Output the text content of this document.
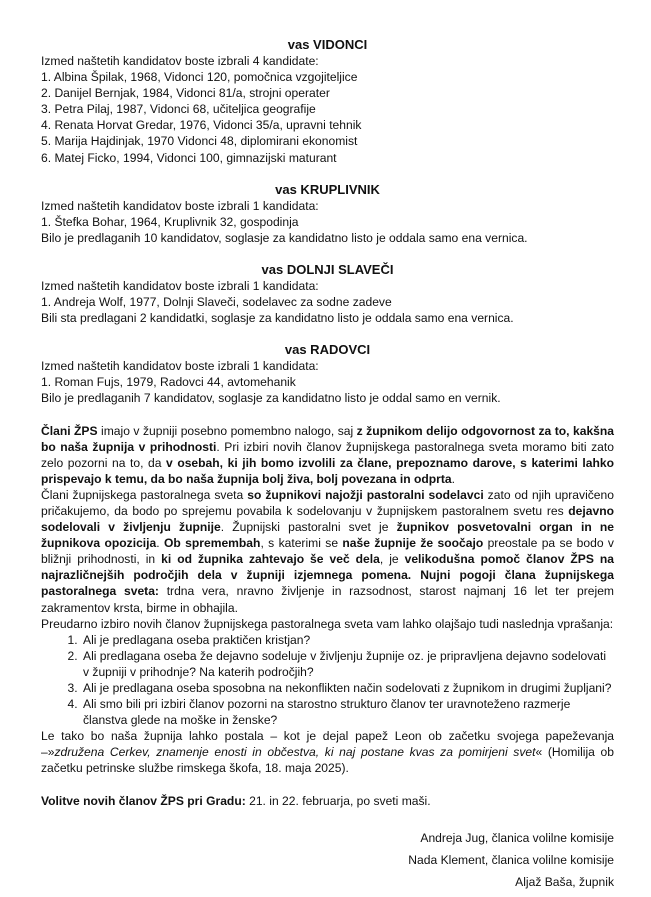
vas VIDONCI
Izmed naštetih kandidatov boste izbrali 4 kandidate:
1. Albina Špilak, 1968, Vidonci 120, pomočnica vzgojiteljice
2. Danijel Bernjak, 1984, Vidonci 81/a, strojni operater
3. Petra Pilaj, 1987, Vidonci 68, učiteljica geografije
4. Renata Horvat Gredar, 1976, Vidonci 35/a, upravni tehnik
5. Marija Hajdinjak, 1970 Vidonci 48, diplomirani ekonomist
6. Matej Ficko, 1994, Vidonci 100, gimnazijski maturant
vas KRUPLIVNIK
Izmed naštetih kandidatov boste izbrali 1 kandidata:
1. Štefka Bohar, 1964, Kruplivnik 32, gospodinja
Bilo je predlaganih 10 kandidatov, soglasje za kandidatno listo je oddala samo ena vernica.
vas DOLNJI SLAVEČI
Izmed naštetih kandidatov boste izbrali 1 kandidata:
1. Andreja Wolf, 1977, Dolnji Slaveči, sodelavec za sodne zadeve
Bili sta predlagani 2 kandidatki, soglasje za kandidatno listo je oddala samo ena vernica.
vas RADOVCI
Izmed naštetih kandidatov boste izbrali 1 kandidata:
1. Roman Fujs, 1979, Radovci 44, avtomehanik
Bilo je predlaganih 7 kandidatov, soglasje za kandidatno listo je oddal samo en vernik.
Člani ŽPS imajo v župniji posebno pomembno nalogo, saj z župnikom delijo odgovornost za to, kakšna bo naša župnija v prihodnosti. Pri izbiri novih članov župnijskega pastoralnega sveta moramo biti zato zelo pozorni na to, da v osebah, ki jih bomo izvolili za člane, prepoznamo darove, s katerimi lahko prispevajo k temu, da bo naša župnija bolj živa, bolj povezana in odprta.
Člani župnijskega pastoralnega sveta so župnikovi najožji pastoralni sodelavci zato od njih upravičeno pričakujemo, da bodo po sprejemu povabila k sodelovanju v župnijskem pastoralnem svetu res dejavno sodelovali v življenju župnije. Župnijski pastoralni svet je župnikov posvetovalni organ in ne župnikova opozicija. Ob spremembah, s katerimi se naše župnije že soočajo preostale pa se bodo v bližnji prihodnosti, in ki od župnika zahtevajo še več dela, je velikodušna pomoč članov ŽPS na najrazličnejših področjih dela v župniji izjemnega pomena. Nujni pogoji člana župnijskega pastoralnega sveta: trdna vera, nravno življenje in razsodnost, starost najmanj 16 let ter prejem zakramentov krsta, birme in obhajila.
Preudarno izbiro novih članov župnijskega pastoralnega sveta vam lahko olajšajo tudi naslednja vprašanja:
1. Ali je predlagana oseba praktičen kristjan?
2. Ali predlagana oseba že dejavno sodeluje v življenju župnije oz. je pripravljena dejavno sodelovati v župniji v prihodnje? Na katerih področjih?
3. Ali je predlagana oseba sposobna na nekonflikten način sodelovati z župnikom in drugimi župljani?
4. Ali smo bili pri izbiri članov pozorni na starostno strukturo članov ter uravnoteženo razmerje članstva glede na moške in ženske?
Le tako bo naša župnija lahko postala – kot je dejal papež Leon ob začetku svojega papeževanja –»združena Cerkev, znamenje enosti in občestva, ki naj postane kvas za pomirjeni svet« (Homilija ob začetku petrinske službe rimskega škofa, 18. maja 2025).
Volitve novih članov ŽPS pri Gradu: 21. in 22. februarja, po sveti maši.
Andreja Jug, članica volilne komisije
Nada Klement, članica volilne komisije
Aljaž Baša, župnik
